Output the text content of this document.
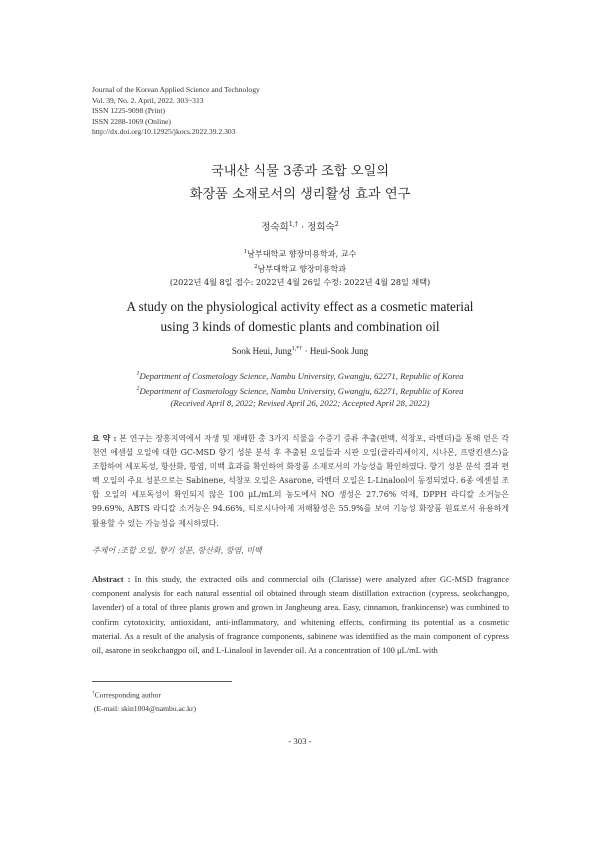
Journal of the Korean Applied Science and Technology
Vol. 39, No. 2. April, 2022. 303~313
ISSN 1225-9098 (Print)
ISSN 2288-1069 (Online)
http://dx.doi.org/10.12925/jkocs.2022.39.2.303
국내산 식물 3종과 조합 오일의
화장품 소재로서의 생리활성 효과 연구
정숙희$^{1,\dagger}$ · 정희숙$^2$
$^1$남부대학교 향장미용학과, 교수
$^2$남부대학교 향장미용학과
(2022년 4월 8일 접수: 2022년 4월 26일 수정: 2022년 4월 28일 채택)
A study on the physiological activity effect as a cosmetic material
using 3 kinds of domestic plants and combination oil
Sook Heui, Jung$^{1,*\dagger}$ · Heui-Sook Jung
$^1$Department of Cosmetology Science, Nambu University, Gwangju, 62271, Republic of Korea
$^2$Department of Cosmetology Science, Nambu University, Gwangju, 62271, Republic of Korea
(Received April 8, 2022; Revised April 26, 2022; Accepted April 28, 2022)
요 약 : 본 연구는 장흥지역에서 자생 및 재배한 총 3가지 식물을 수증기 증류 추출(편백, 석창포, 라벤더)을 통해 얻은 각 천연 에센셜 오일에 대한 GC-MSD 향기 성분 분석 후 추출된 오일들과 시판 오일(클라리세이지, 시나몬, 프랑킨센스)을 조합하여 세포독성, 항산화, 항염, 미백 효과를 확인하여 화장품 소재로서의 가능성을 확인하였다. 향기 성분 분석 결과 편백 오일의 주요 성분으로는 Sabinene, 석창포 오일은 Asarone, 라벤더 오일은 L-Linalool이 동정되었다. 6종 에센셜 조합 오일의 세포독성이 확인되지 않은 100 μL/mL의 농도에서 NO 생성은 27.76% 억제, DPPH 라디칼 소거능은 99.69%, ABTS 라디칼 소거능은 94.66%, 티로시나아제 저해활성은 55.9%를 보여 기능성 화장품 원료로서 유용하게 활용할 수 있는 가능성을 제시하였다.
주제어 :조합 오일, 향기 성분, 항산화, 항염, 미백
Abstract : In this study, the extracted oils and commercial oils (Clarisse) were analyzed after GC-MSD fragrance component analysis for each natural essential oil obtained through steam distillation extraction (cypress, seokchangpo, lavender) of a total of three plants grown and grown in Jangheung area. Easy, cinnamon, frankincense) was combined to confirm cytotoxicity, antioxidant, anti-inflammatory, and whitening effects, confirming its potential as a cosmetic material. As a result of the analysis of fragrance components, sabinene was identified as the main component of cypress oil, asarone in seokchangpo oil, and L-Linalool in lavender oil. At a concentration of 100 μL/mL with
†Corresponding author
(E-mail: skin1004@nambu.ac.kr)
- 303 -
